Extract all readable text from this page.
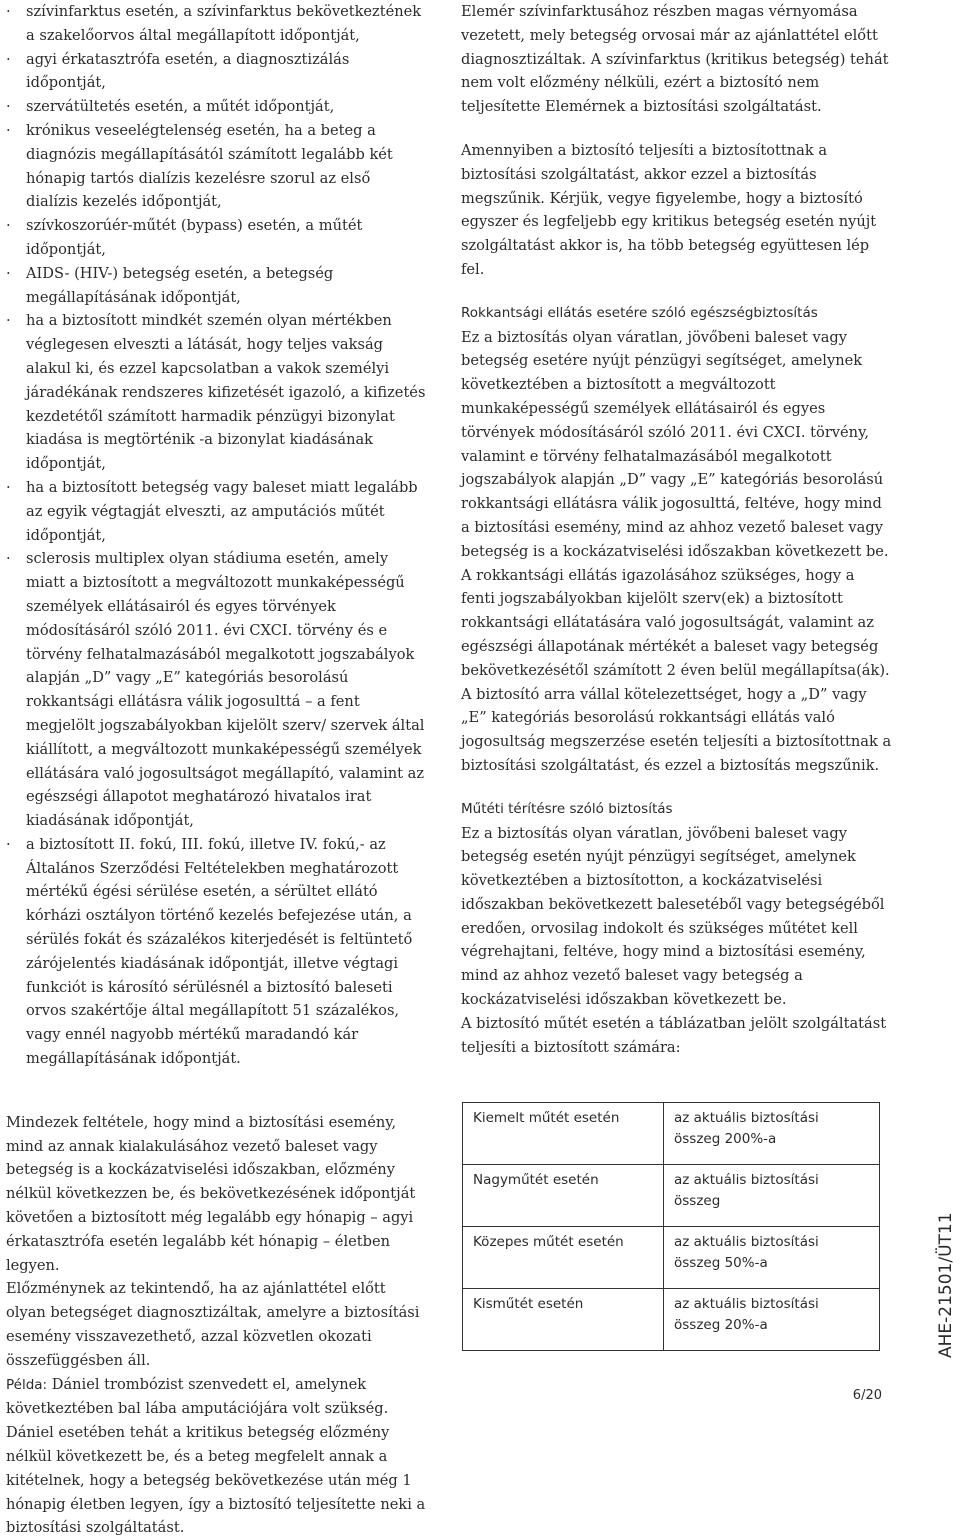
· szívinfarktus esetén, a szívinfarktus bekövetkeztének a szakelőorvos által megállapított időpontját,
· agyi érkatasztrófa esetén, a diagnosztizálás időpontját,
· szervátültetés esetén, a műtét időpontját,
· krónikus veseelégtelenség esetén, ha a beteg a diagnózis megállapításától számított legalább két hónapig tartós dialízis kezelésre szorul az első dialízis kezelés időpontját,
· szívkoszorúér-műtét (bypass) esetén, a műtét időpontját,
· AIDS- (HIV-) betegség esetén, a betegség megállapításának időpontját,
· ha a biztosított mindkét szemén olyan mértékben véglegesen elveszti a látását, hogy teljes vakság alakul ki, és ezzel kapcsolatban a vakok személyi járadékának rendszeres kifizetését igazoló, a kifizetés kezdetétől számított harmadik pénzügyi bizonylat kiadása is megtörténik -a bizonylat kiadásának időpontját,
· ha a biztosított betegség vagy baleset miatt legalább az egyik végtagját elveszti, az amputációs műtét időpontját,
· sclerosis multiplex olyan stádiuma esetén, amely miatt a biztosított a megváltozott munkaképességű személyek ellátásairól és egyes törvények módosításáról szóló 2011. évi CXCI. törvény és e törvény felhatalmazásából megalkotott jogszabályok alapján „D” vagy „E” kategóriás besorolású rokkantsági ellátásra válik jogosulttá – a fent megjelölt jogszabályokban kijelölt szerv/ szervek által kiállított, a megváltozott munkaképességű személyek ellátására való jogosultságot megállapító, valamint az egészségi állapotot meghatározó hivatalos irat kiadásának időpontját,
· a biztosított II. fokú, III. fokú, illetve IV. fokú,- az Általános Szerződési Feltételekben meghatározott mértékű égési sérülése esetén, a sérültet ellátó kórházi osztályon történő kezelés befejezése után, a sérülés fokát és százalékos kiterjedését is feltüntető zárójelentés kiadásának időpontját, illetve végtagi funkciót is károsító sérülésnél a biztosító baleseti orvos szakértője által megállapított 51 százalékos, vagy ennél nagyobb mértékű maradandó kár megállapításának időpontját.

Mindezek feltétele, hogy mind a biztosítási esemény, mind az annak kialakulásához vezető baleset vagy betegség is a kockázatviselési időszakban, előzmény nélkül következzen be, és bekövetkezésének időpontját követően a biztosított még legalább egy hónapig – agyi érkatasztrófa esetén legalább két hónapig – életben legyen.

Előzménynek az tekintendő, ha az ajánlattétel előtt olyan betegséget diagnosztizáltak, amelyre a biztosítási esemény visszavezethető, azzal közvetlen okozati összefüggésben áll.

Példa: Dániel trombózist szenvedett el, amelynek következtében bal lába amputációjára volt szükség. Dániel esetében tehát a kritikus betegség előzmény nélkül következett be, és a beteg megfelelt annak a kitételnek, hogy a betegség bekövetkezése után még 1 hónapig életben legyen, így a biztosító teljesítette neki a biztosítási szolgáltatást.

Elemér szívinfarktusához részben magas vérnyomása vezetett, mely betegség orvosai már az ajánlattétel előtt diagnosztizáltak. A szívinfarktus (kritikus betegség) tehát nem volt előzmény nélküli, ezért a biztosító nem teljesítette Elemérnek a biztosítási szolgáltatást.

Amennyiben a biztosító teljesíti a biztosítottnak a biztosítási szolgáltatást, akkor ezzel a biztosítás megszűnik. Kérjük, vegye figyelembe, hogy a biztosító egyszer és legfeljebb egy kritikus betegség esetén nyújt szolgáltatást akkor is, ha több betegség együttesen lép fel.

Rokkantsági ellátás esetére szóló egészségbiztosítás

Ez a biztosítás olyan váratlan, jövőbeni baleset vagy betegség esetére nyújt pénzügyi segítséget, amelynek következtében a biztosított a megváltozott munkaképességű személyek ellátásairól és egyes törvények módosításáról szóló 2011. évi CXCI. törvény, valamint e törvény felhatalmazásából megalkotott jogszabályok alapján „D” vagy „E” kategóriás besorolású rokkantsági ellátásra válik jogosulttá, feltéve, hogy mind a biztosítási esemény, mind az ahhoz vezető baleset vagy betegség is a kockázatviselési időszakban következett be.

A rokkantsági ellátás igazolásához szükséges, hogy a fenti jogszabályokban kijelölt szerv(ek) a biztosított rokkantsági ellátatására való jogosultságát, valamint az egészségi állapotának mértékét a baleset vagy betegség bekövetkezésétől számított 2 éven belül megállapítsa(ák).

A biztosító arra vállal kötelezettséget, hogy a „D” vagy „E” kategóriás besorolású rokkantsági ellátás való jogosultság megszerzése esetén teljesíti a biztosítottnak a biztosítási szolgáltatást, és ezzel a biztosítás megszűnik.

Műtéti térítésre szóló biztosítás

Ez a biztosítás olyan váratlan, jövőbeni baleset vagy betegség esetén nyújt pénzügyi segítséget, amelynek következtében a biztosítotton, a kockázatviselési időszakban bekövetkezett balesetéből vagy betegségéből eredően, orvosilag indokolt és szükséges műtétet kell végrehajtani, feltéve, hogy mind a biztosítási esemény, mind az ahhoz vezető baleset vagy betegség a kockázatviselési időszakban következett be.

A biztosító műtét esetén a táblázatban jelölt szolgáltatást teljesíti a biztosított számára:

Kiemelt műtét esetén	az aktuális biztosítási összeg 200%-a
Nagyműtét esetén	az aktuális biztosítási összeg
Közepes műtét esetén	az aktuális biztosítási összeg 50%-a
Kisműtét esetén	az aktuális biztosítási összeg 20%-a	AHE-21501/ÜT11
6/20
